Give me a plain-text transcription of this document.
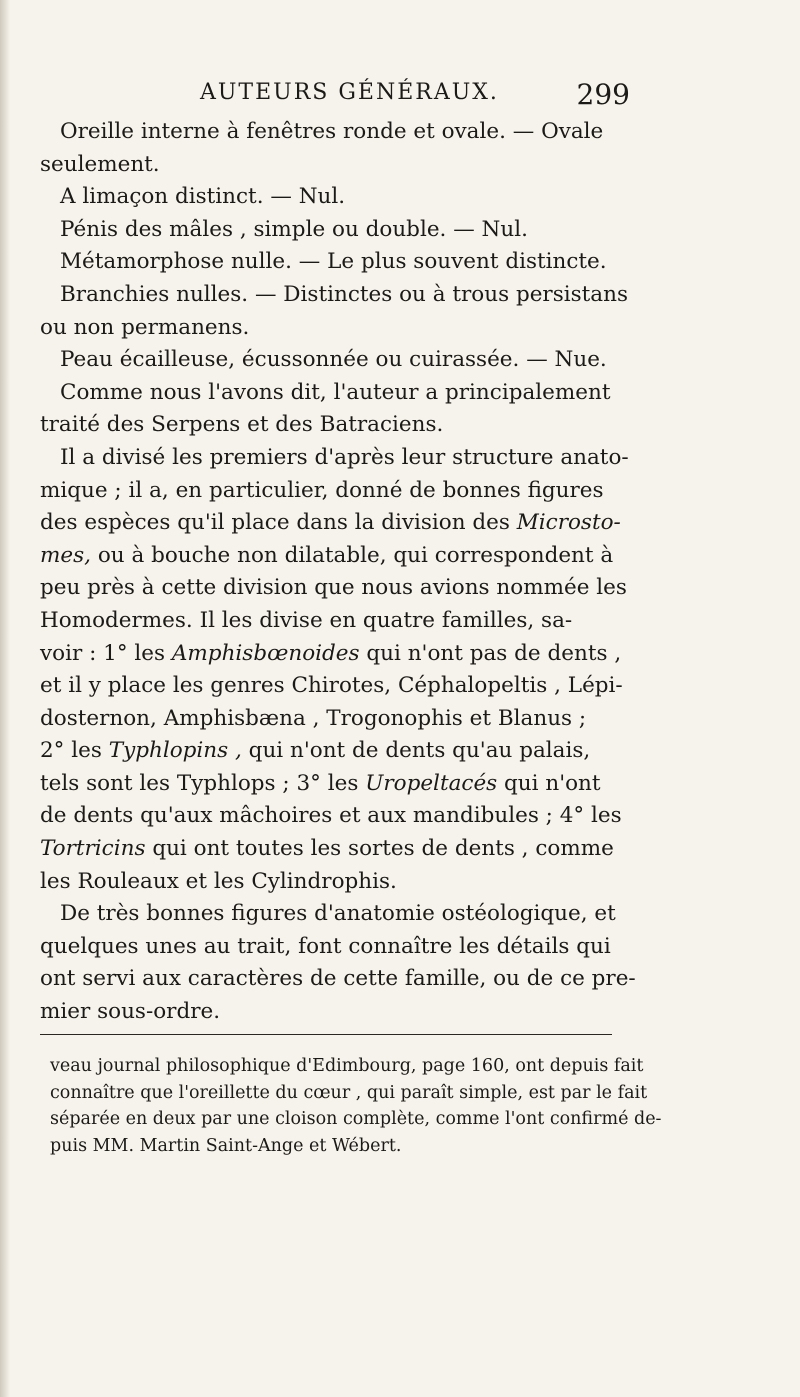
AUTEURS GÉNÉRAUX.	299

Oreille interne à fenêtres ronde et ovale. — Ovale
seulement.
A limaçon distinct. — Nul.
Pénis des mâles , simple ou double. — Nul.
Métamorphose nulle. — Le plus souvent distincte.
Branchies nulles. — Distinctes ou à trous persistans
ou non permanens.
Peau écailleuse, écussonnée ou cuirassée. — Nue.

Comme nous l'avons dit, l'auteur a principalement
traité des Serpens et des Batraciens.

Il a divisé les premiers d'après leur structure anato-
mique ; il a, en particulier, donné de bonnes figures
des espèces qu'il place dans la division des Microsto-
mes, ou à bouche non dilatable, qui correspondent à
peu près à cette division que nous avions nommée les
Homodermes. Il les divise en quatre familles, sa-
voir : 1° les Amphisbœnoides qui n'ont pas de dents ,
et il y place les genres Chirotes, Céphalopeltis , Lépi-
dosternon, Amphisbæna , Trogonophis et Blanus ;
2° les Typhlopins , qui n'ont de dents qu'au palais,
tels sont les Typhlops ; 3° les Uropeltacés qui n'ont
de dents qu'aux mâchoires et aux mandibules ; 4° les
Tortricins qui ont toutes les sortes de dents , comme
les Rouleaux et les Cylindrophis.

De très bonnes figures d'anatomie ostéologique, et
quelques unes au trait, font connaître les détails qui
ont servi aux caractères de cette famille, ou de ce pre-
mier sous-ordre.

veau journal philosophique d'Edimbourg, page 160, ont depuis fait
connaître que l'oreillette du cœur , qui paraît simple, est par le fait
séparée en deux par une cloison complète, comme l'ont confirmé de-
puis MM. Martin Saint-Ange et Wébert.
